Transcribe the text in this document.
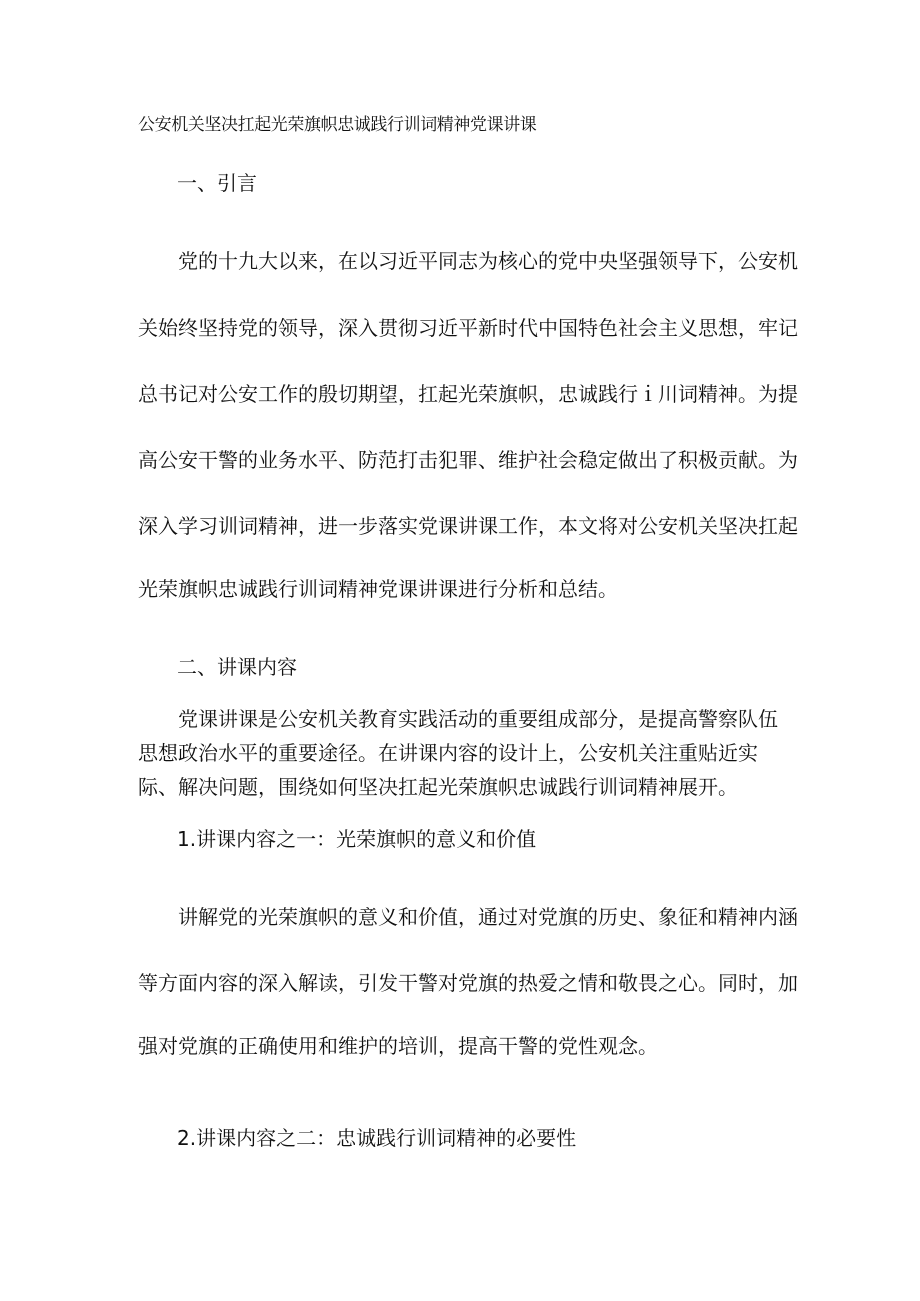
公安机关坚决扛起光荣旗帜忠诚践行训词精神党课讲课

一、引言

党的十九大以来，在以习近平同志为核心的党中央坚强领导下，公安机

关始终坚持党的领导，深入贯彻习近平新时代中国特色社会主义思想，牢记

总书记对公安工作的殷切期望，扛起光荣旗帜，忠诚践行ｉ川词精神。为提

高公安干警的业务水平、防范打击犯罪、维护社会稳定做出了积极贡献。为

深入学习训词精神，进一步落实党课讲课工作，本文将对公安机关坚决扛起

光荣旗帜忠诚践行训词精神党课讲课进行分析和总结。

二、讲课内容

党课讲课是公安机关教育实践活动的重要组成部分，是提高警察队伍

思想政治水平的重要途径。在讲课内容的设计上，公安机关注重贴近实

际、解决问题，围绕如何坚决扛起光荣旗帜忠诚践行训词精神展开。

1.讲课内容之一：光荣旗帜的意义和价值

讲解党的光荣旗帜的意义和价值，通过对党旗的历史、象征和精神内涵

等方面内容的深入解读，引发干警对党旗的热爱之情和敬畏之心。同时，加

强对党旗的正确使用和维护的培训，提高干警的党性观念。

2.讲课内容之二：忠诚践行训词精神的必要性
